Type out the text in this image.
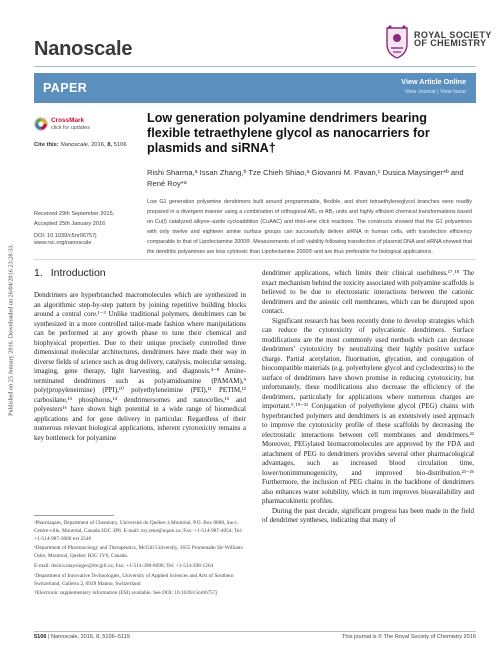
Nanoscale
ROYAL SOCIETY
OF CHEMISTRY
PAPER	View Article Online
View Journal | View Issue
Published on 25 January 2016. Downloaded on 26/04/2016 23:28:33.
CrossMark
click for updates
Cite this: Nanoscale, 2016, 8, 5106
Low generation polyamine dendrimers bearing flexible tetraethylene glycol as nanocarriers for plasmids and siRNA†
Rishi Sharma,ᵃ Issan Zhang,ᵇ Tze Chieh Shiao,ᵃ Giovanni M. Pavan,ᶜ Dusica Maysinger*ᵇ and René Roy*ᵃ
Low G1 generation polyamine dendrimers built around programmable, flexible, and short tetraethyleneglycol branches were readily prepared in a divergent manner using a combination of orthogonal AB₃ or AB₂ units and highly efficient chemical transformations based on Cu(I) catalyzed alkyne–azide cycloaddition (CuAAC) and thiol–ene click reactions. The constructs showed that the G1 polyamines with only twelve and eighteen amine surface groups can successfully deliver siRNA in human cells, with transfection efficiency comparable to that of Lipofectamine 2000®. Measurements of cell viability following transfection of plasmid DNA and siRNA showed that the dendritic polyamines are less cytotoxic than Lipofectamine 2000® and are thus preferable for biological applications.
Received 29th September 2015,
Accepted 25th January 2016
DOI: 10.1039/c5nr06757j
www.rsc.org/nanoscale
1. Introduction

Dendrimers are hyperbranched macromolecules which are synthesized in an algorithmic step-by-step pattern by joining repetitive building blocks around a central core.¹⁻³ Unlike traditional polymers, dendrimers can be synthesized in a more controlled tailor-made fashion where manipulations can be performed at any growth phase to tune their chemical and biophysical properties. Due to their unique precisely controlled three dimensional molecular architectures, dendrimers have made their way in diverse fields of science such as drug delivery, catalysis, molecular sensing, imaging, gene therapy, light harvesting, and diagnosis.⁴⁻⁸ Amine-terminated dendrimers such as polyamidoamine (PAMAM),⁹ poly(propyleneimine) (PPI),¹⁰ polyethyleneimine (PEI),¹¹ PETIM,¹² carbosilane,¹³ phosphorus,¹⁴ dendrimersomes and nanocelles,¹⁵ and polyesters¹⁶ have shown high potential in a wide range of biomedical applications and for gene delivery in particular. Regardless of their numerous relevant biological applications, inherent cytotoxicity remains a key bottleneck for polyamine

dendrimer applications, which limits their clinical usefulness.¹⁷˒¹⁸ The exact mechanism behind the toxicity associated with polyamine scaffolds is believed to be due to electrostatic interactions between the cationic dendrimers and the anionic cell membranes, which can be disrupted upon contact.

Significant research has been recently done to develop strategies which can reduce the cytotoxicity of polycationic dendrimers. Surface modifications are the most commonly used methods which can decrease dendrimers’ cytotoxicity by neutralizing their highly positive surface charge. Partial acetylation, fluorination, glycation, and conjugation of biocompatible materials (e.g. polyethylene glycol and cyclodextrins) to the surface of dendrimers have shown promise in reducing cytotoxicity, but unfortunately, these modifications also decrease the efficiency of the dendrimers, particularly for applications where numerous charges are important.⁹˒¹⁹⁻²¹ Conjugation of polyethylene glycol (PEG) chains with hyperbranched polymers and dendrimers is an extensively used approach to improve the cytotoxicity profile of these scaffolds by decreasing the electrostatic interactions between cell membranes and dendrimers.²² Moreover, PEGylated biomacromolecules are approved by the FDA and attachment of PEG to dendrimers provides several other pharmacological advantages, such as increased blood circulation time, lower/nonimmunogenicity, and improved bio-distribution.²³⁻²⁶ Furthermore, the inclusion of PEG chains in the backbone of dendrimers also enhances water solubility, which in turn improves bioavailability and pharmacokinetic profiles.

During the past decade, significant progress has been made in the field of dendrimer syntheses, indicating that many of

ᵃPharmaqam, Department of Chemistry, Université du Québec à Montréal, P.O. Box 8888, Succ. Centre-ville, Montréal, Canada H3C 3P8. E-mail: roy.rene@uqam.ca; Fax: +1-514-987-4054; Tel: +1-514-987-3000 ext 2546

ᵇDepartment of Pharmacology and Therapeutics, McGill University, 3655 Promenade Sir-William-Osler, Montreal, Quebec H3G 1Y6, Canada.

E-mail: dusica.maysinger@mcgill.ca; Fax: +1-514-398-6690; Tel: +1-514-398-1264

ᶜDepartment of Innovative Technologies, University of Applied Sciences and Arts of Southern Switzerland, Galleria 2, 6928 Manno, Switzerland

†Electronic supplementary information (ESI) available. See DOI: 10.1039/c5nr06757j

5106 | Nanoscale, 2016, 8, 5106–5119	This journal is © The Royal Society of Chemistry 2016
